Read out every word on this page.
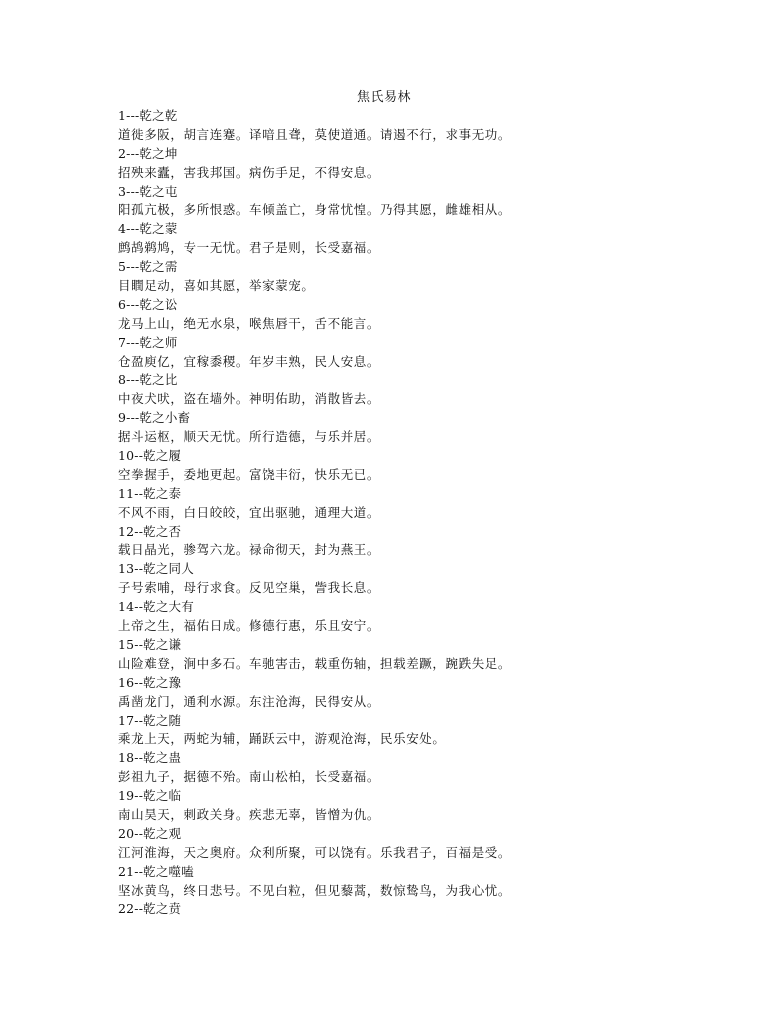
焦氏易林
1---乾之乾
道徙多阪，胡言连蹇。译喑且聋，莫使道通。请遏不行，求事无功。
2---乾之坤
招殃来蠹，害我邦国。病伤手足，不得安息。
3---乾之屯
阳孤亢极，多所恨惑。车倾盖亡，身常忧惶。乃得其愿，雌雄相从。
4---乾之蒙
鹧鸪鹈鸠，专一无忧。君子是则，长受嘉福。
5---乾之需
目瞤足动，喜如其愿，举家蒙宠。
6---乾之讼
龙马上山，绝无水泉，喉焦唇干，舌不能言。
7---乾之师
仓盈庾亿，宜稼黍稷。年岁丰熟，民人安息。
8---乾之比
中夜犬吠，盗在墙外。神明佑助，消散皆去。
9---乾之小畜
据斗运枢，顺天无忧。所行造德，与乐并居。
10--乾之履
空拳握手，委地更起。富饶丰衍，快乐无已。
11--乾之泰
不风不雨，白日皎皎，宜出驱驰，通理大道。
12--乾之否
载日晶光，骖驾六龙。禄命彻天，封为燕王。
13--乾之同人
子号索哺，母行求食。反见空巢，訾我长息。
14--乾之大有
上帝之生，福佑日成。修德行惠，乐且安宁。
15--乾之谦
山险难登，涧中多石。车驰害击，载重伤轴，担载差蹶，踠跌失足。
16--乾之豫
禹凿龙门，通利水源。东注沧海，民得安从。
17--乾之随
乘龙上天，两蛇为辅，踊跃云中，游观沧海，民乐安处。
18--乾之蛊
彭祖九子，据德不殆。南山松柏，长受嘉福。
19--乾之临
南山昊天，刺政关身。疾悲无辜，皆憎为仇。
20--乾之观
江河淮海，天之奥府。众利所聚，可以饶有。乐我君子，百福是受。
21--乾之噬嗑
坚冰黄鸟，终日悲号。不见白粒，但见藜蒿，数惊鸷鸟，为我心忧。
22--乾之贲
